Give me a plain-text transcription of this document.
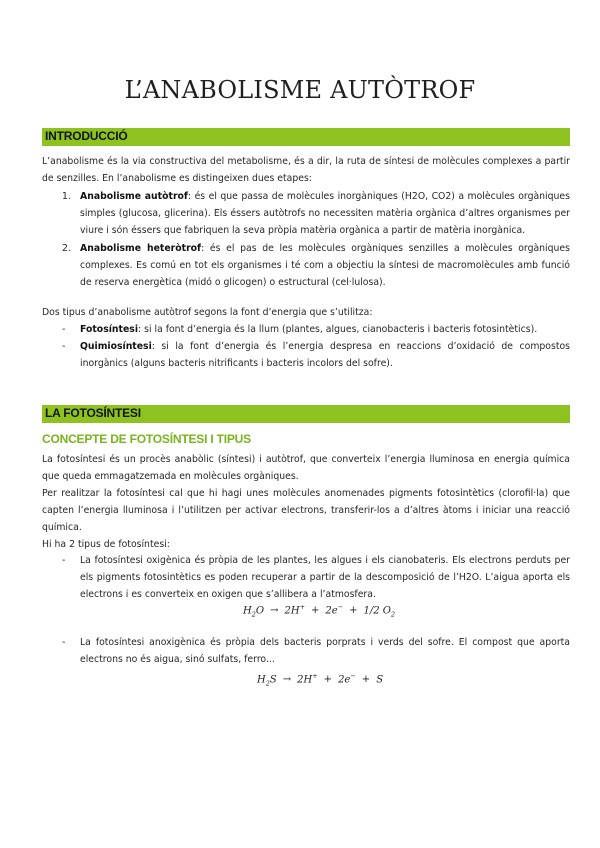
L’ANABOLISME AUTÒTROF
INTRODUCCIÓ
L’anabolisme és la via constructiva del metabolisme, és a dir, la ruta de síntesi de molècules complexes a partir de senzilles. En l’anabolisme es distingeixen dues etapes:
1. Anabolisme autòtrof: és el que passa de molècules inorgàniques (H2O, CO2) a molècules orgàniques simples (glucosa, glicerina). Els éssers autòtrofs no necessiten matèria orgànica d’altres organismes per viure i són éssers que fabriquen la seva pròpia matèria orgànica a partir de matèria inorgànica.
2. Anabolisme heteròtrof: és el pas de les molècules orgàniques senzilles a molècules orgàniques complexes. Es comú en tot els organismes i té com a objectiu la síntesi de macromolècules amb funció de reserva energètica (midó o glicogen) o estructural (cel·lulosa).
Dos tipus d’anabolisme autòtrof segons la font d’energia que s’utilitza:
- Fotosíntesi: si la font d’energia és la llum (plantes, algues, cianobacteris i bacteris fotosintètics).
- Quimiosíntesi: si la font d’energia és l’energia despresa en reaccions d’oxidació de compostos inorgànics (alguns bacteris nitrificants i bacteris incolors del sofre).
LA FOTOSÍNTESI
CONCEPTE DE FOTOSÍNTESI I TIPUS
La fotosíntesi és un procès anabòlic (síntesi) i autòtrof, que converteix l’energia lluminosa en energia química que queda emmagatzemada en molècules orgàniques.
Per realitzar la fotosíntesi cal que hi hagi unes molècules anomenades pigments fotosintètics (clorofil·la) que capten l’energia lluminosa i l’utilitzen per activar electrons, transferir-los a d’altres àtoms i iniciar una reacció química.
Hi ha 2 tipus de fotosíntesi:
- La fotosíntesi oxigènica és pròpia de les plantes, les algues i els cianobateris. Els electrons perduts per els pigments fotosintètics es poden recuperar a partir de la descomposició de l’H2O. L’aigua aporta els electrons i es converteix en oxigen que s’allibera a l’atmosfera.
$H_2O \to 2H^+ + 2e^- + 1/2$ $O_2$
- La fotosíntesi anoxigènica és pròpia dels bacteris porprats i verds del sofre. El compost que aporta electrons no és aigua, sinó sulfats, ferro...
$H_2S \to 2H^+ + 2e^- + S$
